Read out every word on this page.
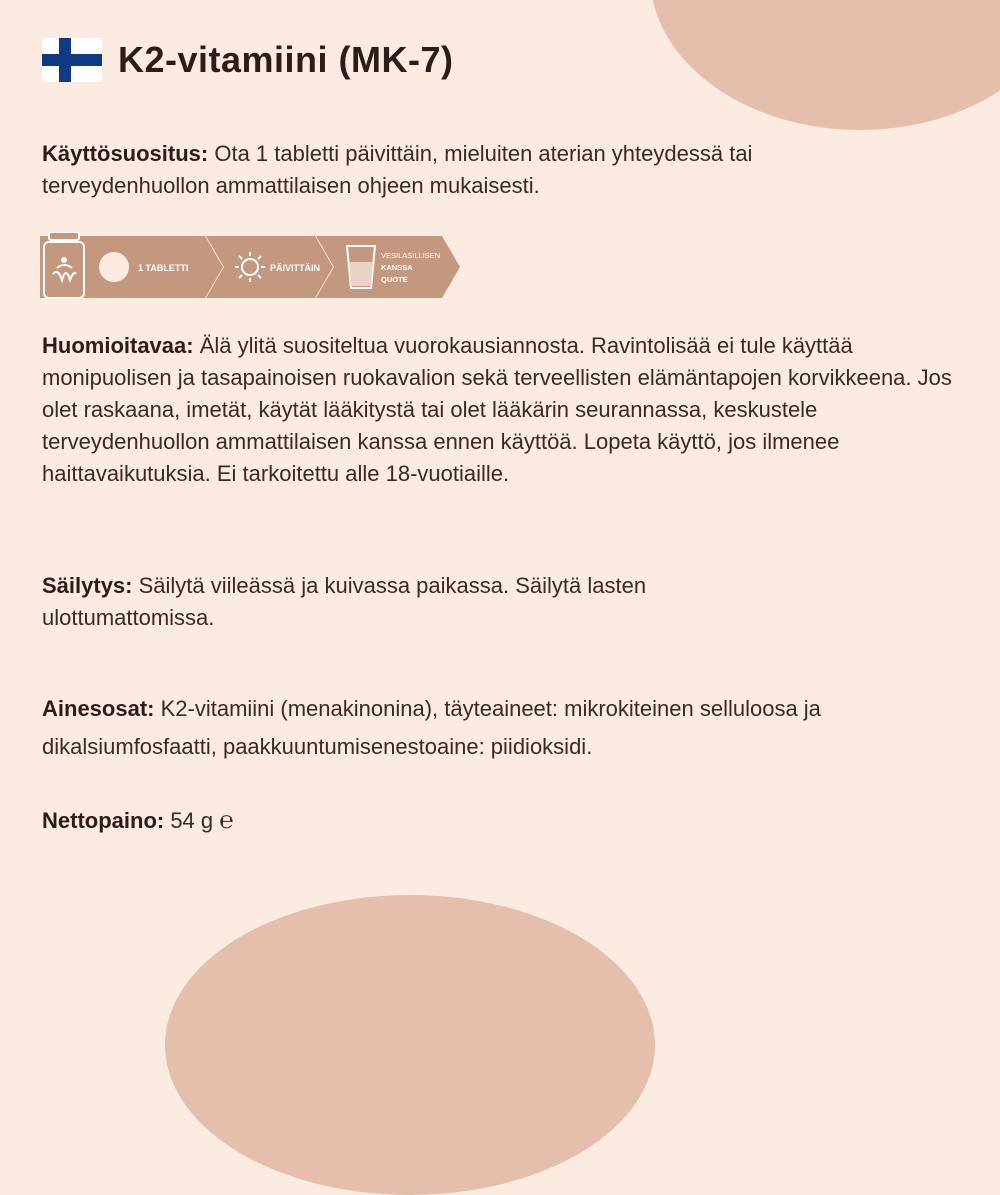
K2-vitamiini (MK-7)
Käyttösuositus: Ota 1 tabletti päivittäin, mieluiten aterian yhteydessä tai terveydenhuollon ammattilaisen ohjeen mukaisesti.
1 TABLETTI	PÄIVITTÄIN
VESILASILLISEN
KANSSA
QUOTE
Huomioitavaa: Älä ylitä suositeltua vuorokausiannosta. Ravintolisää ei tule käyttää monipuolisen ja tasapainoisen ruokavalion sekä terveellisten elämäntapojen korvikkeena. Jos olet raskaana, imetät, käytät lääkitystä tai olet lääkärin seurannassa, keskustele terveydenhuollon ammattilaisen kanssa ennen käyttöä. Lopeta käyttö, jos ilmenee haittavaikutuksia. Ei tarkoitettu alle 18-vuotiaille.
Säilytys: Säilytä viileässä ja kuivassa paikassa. Säilytä lasten ulottumattomissa.
Ainesosat: K2-vitamiini (menakinonina), täyteaineet: mikrokiteinen selluloosa ja dikalsiumfosfaatti, paakkuuntumisenestoaine: piidioksidi.
Nettopaino: 54 g ℮
